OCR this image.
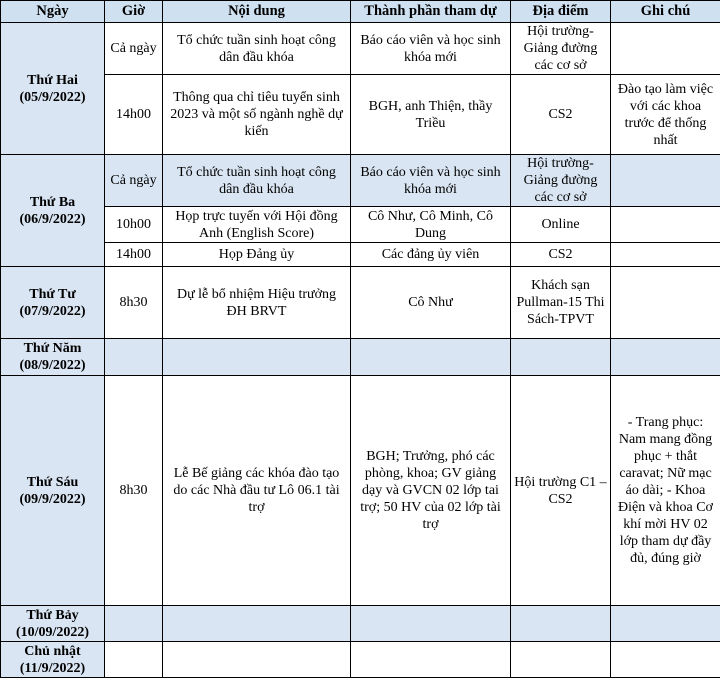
Ngày	Giờ	Nội dung	Thành phần tham dự	Địa điểm	Ghi chú

Thứ Hai
(05/9/2022)	Cả ngày	Tổ chức tuần sinh hoạt công dân đầu khóa	Báo cáo viên và học sinh khóa mới	Hội trường-Giảng đường các cơ sở	
	14h00	Thông qua chỉ tiêu tuyển sinh 2023 và một số ngành nghề dự kiến	BGH, anh Thiện, thầy Triều	CS2	Đào tạo làm việc với các khoa trước để thống nhất

Thứ Ba
(06/9/2022)	Cả ngày	Tổ chức tuần sinh hoạt công dân đầu khóa	Báo cáo viên và học sinh khóa mới	Hội trường-Giảng đường các cơ sở	
	10h00	Họp trực tuyến với Hội đồng Anh (English Score)	Cô Như, Cô Minh, Cô Dung	Online	
	14h00	Họp Đảng ủy	Các đảng ủy viên	CS2	

Thứ Tư
(07/9/2022)	8h30	Dự lễ bổ nhiệm Hiệu trưởng ĐH BRVT	Cô Như	Khách sạn Pullman-15 Thi Sách-TPVT	

Thứ Năm
(08/9/2022)					

Thứ Sáu
(09/9/2022)	8h30	Lễ Bế giảng các khóa đào tạo do các Nhà đầu tư Lô 06.1 tài trợ	BGH; Trưởng, phó các phòng, khoa; GV giảng dạy và GVCN 02 lớp tai trợ; 50 HV của 02 lớp tài trợ	Hội trường C1 – CS2	- Trang phục: Nam mang đồng phục + thắt caravat; Nữ mạc áo dài; - Khoa Điện và khoa Cơ khí mời HV 02 lớp tham dự đầy đủ, đúng giờ

Thứ Bảy
(10/09/2022)					

Chủ nhật
(11/9/2022)					
